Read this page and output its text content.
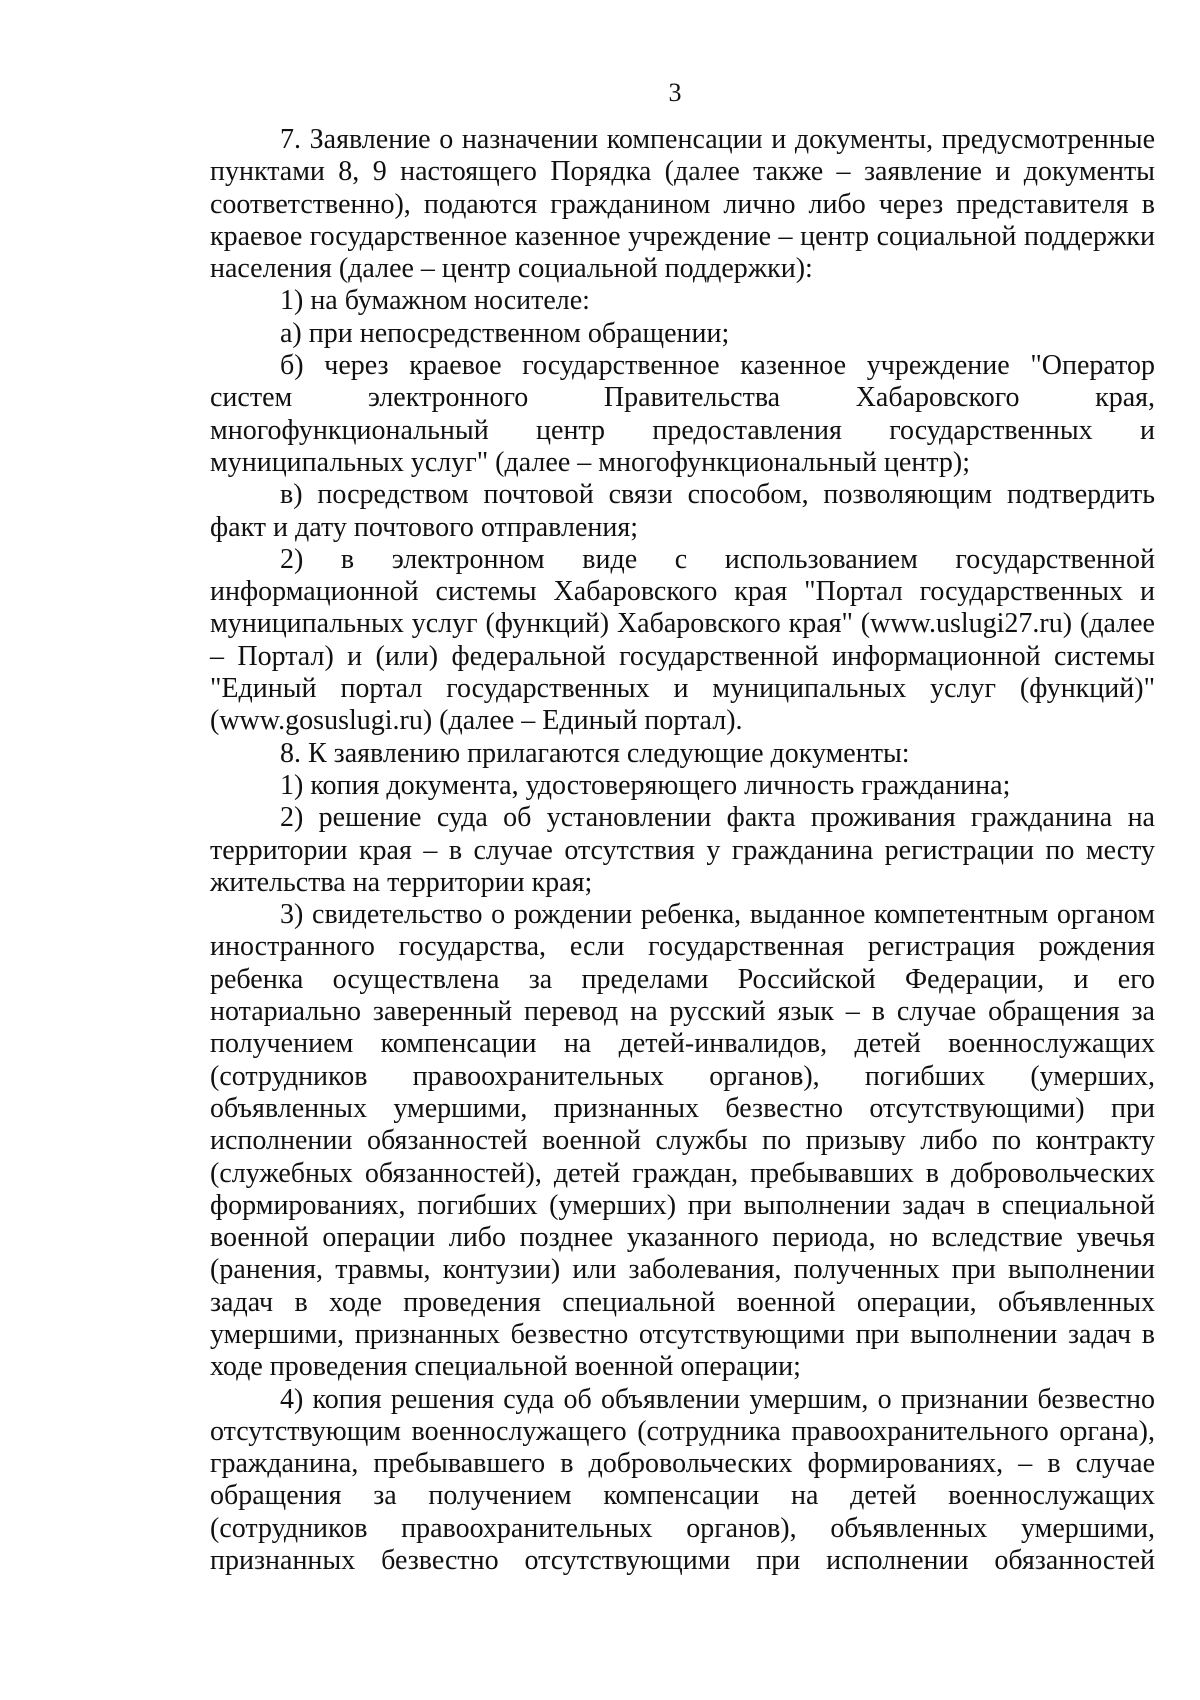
3

7. Заявление о назначении компенсации и документы, предусмотренные пунктами 8, 9 настоящего Порядка (далее также – заявление и документы соответственно), подаются гражданином лично либо через представителя в краевое государственное казенное учреждение – центр социальной поддержки населения (далее – центр социальной поддержки):

1) на бумажном носителе:

а) при непосредственном обращении;

б) через краевое государственное казенное учреждение "Оператор систем электронного Правительства Хабаровского края, многофункциональный центр предоставления государственных и муниципальных услуг" (далее – многофункциональный центр);

в) посредством почтовой связи способом, позволяющим подтвердить факт и дату почтового отправления;

2) в электронном виде с использованием государственной информационной системы Хабаровского края "Портал государственных и муниципальных услуг (функций) Хабаровского края" (www.uslugi27.ru) (далее – Портал) и (или) федеральной государственной информационной системы "Единый портал государственных и муниципальных услуг (функций)" (www.gosuslugi.ru) (далее – Единый портал).

8. К заявлению прилагаются следующие документы:

1) копия документа, удостоверяющего личность гражданина;

2) решение суда об установлении факта проживания гражданина на территории края – в случае отсутствия у гражданина регистрации по месту жительства на территории края;

3) свидетельство о рождении ребенка, выданное компетентным органом иностранного государства, если государственная регистрация рождения ребенка осуществлена за пределами Российской Федерации, и его нотариально заверенный перевод на русский язык – в случае обращения за получением компенсации на детей-инвалидов, детей военнослужащих (сотрудников правоохранительных органов), погибших (умерших, объявленных умершими, признанных безвестно отсутствующими) при исполнении обязанностей военной службы по призыву либо по контракту (служебных обязанностей), детей граждан, пребывавших в добровольческих формированиях, погибших (умерших) при выполнении задач в специальной военной операции либо позднее указанного периода, но вследствие увечья (ранения, травмы, контузии) или заболевания, полученных при выполнении задач в ходе проведения специальной военной операции, объявленных умершими, признанных безвестно отсутствующими при выполнении задач в ходе проведения специальной военной операции;

4) копия решения суда об объявлении умершим, о признании безвестно отсутствующим военнослужащего (сотрудника правоохранительного органа), гражданина, пребывавшего в добровольческих формированиях, – в случае обращения за получением компенсации на детей военнослужащих (сотрудников правоохранительных органов), объявленных умершими, признанных безвестно отсутствующими при исполнении обязанностей
